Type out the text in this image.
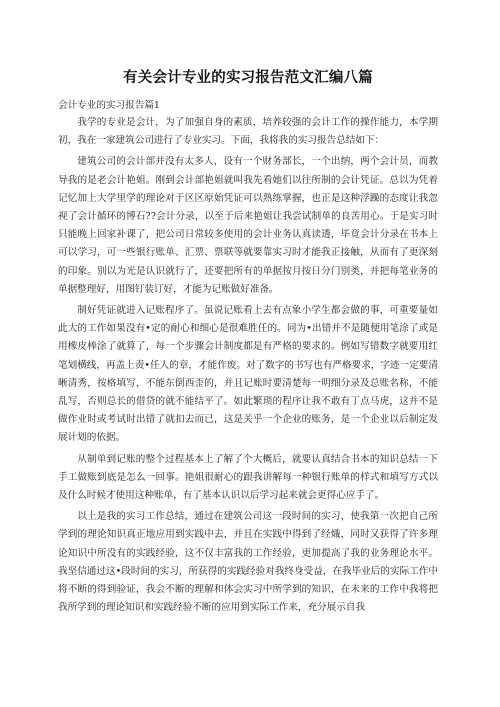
有关会计专业的实习报告范文汇编八篇
会计专业的实习报告篇1

我学的专业是会计，为了加强自身的素质，培养较强的会计工作的操作能力，本学期初，我在一家建筑公司进行了专业实习。下面，我将我的实习报告总结如下：

建筑公司的会计部并没有太多人，设有一个财务部长，一个出纳，两个会计员，而教导我的是老会计艳姐。刚到会计部艳姐就叫我先看她们以往所制的会计凭证。总以为凭着记忆加上大学里学的理论对于区区原始凭证可以熟练掌握，也正是这种浮躁的态度让我忽视了会计循环的博石??会计分录，以至于后来艳姐让我尝试制单的良苦用心。于是实习时只能晚上回家补课了，把公司日常较多使用的会计业务认真读透，毕竟会计分录在书本上可以学习，可一些银行账单、汇票、票联等就要靠实习时才能我正接触，从而有了更深刻的印象。别以为光是认识就行了，还要把所有的单据按月按日分门别类，并把每笔业务的单据整理好，用图钉装订好，才能为记账做好准备。

制好凭证就进入记账程序了。虽说记账看上去有点象小学生都会做的事，可重要量如此大的工作如果没有•定的耐心和细心是很难胜任的。同为•出错并不是随便用笔涂了或是用橡皮棒涂了就算了，每一个步骤会计制度都是有严格的要求的。例如写错数字就要用红笔划横线，再盖上责•任人的章，才能作废。对了数字的书写也有严格要求，字迹一定要清晰清秀，按格填写，不能东倒西歪的，并且记账时要清楚每一明细分录及总账名称，不能乱写，否则总长的借贷的就不能结平了。如此繁琐的程序让我不敢有丁点马虎，这并不是做作业时或考试时出错了就扣去而已，这是关乎一个企业的账务，是一个企业以后制定发展计划的依据。

从制单到记账的整个过程基本上了解了个大概后，就要认真结合书本的知识总结一下手工做账到底是怎么一回事。艳姐很耐心的跟我讲解每一种银行账单的样式和填写方式以及什么时候才使用这种账单，有了基本认识以后学习起来就会更得心应手了。

以上是我的实习工作总结，通过在建筑公司这一段时间的实习，使我第一次把自己所学到的理论知识真正地应用到实践中去，并且在实践中得到了经熾，同时又获得了许多理论知识中所没有的实践经验，这不仅丰富我的工作经验，更加提高了我的业务理论水平。我坚信通过这•段时间的实习，所获得的实践经验对我终身受益，在我毕业后的实际工作中将不断的得到验证，我会不断的理解和体会实习中所学到的知识，在未来的工作中我将把我所学到的理论知识和实践经验不断的应用到实际工作来，充分展示自我
